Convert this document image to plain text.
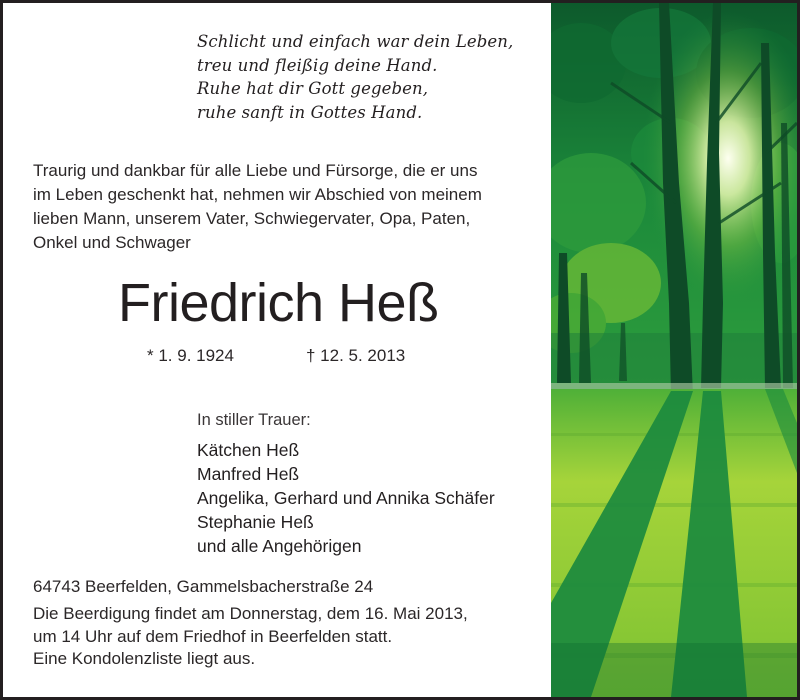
Schlicht und einfach war dein Leben,
treu und fleißig deine Hand.
Ruhe hat dir Gott gegeben,
ruhe sanft in Gottes Hand.
Traurig und dankbar für alle Liebe und Fürsorge, die er uns
im Leben geschenkt hat, nehmen wir Abschied von meinem
lieben Mann, unserem Vater, Schwiegervater, Opa, Paten,
Onkel und Schwager
Friedrich Heß
* 1. 9. 1924	† 12. 5. 2013
In stiller Trauer:
Kätchen Heß
Manfred Heß
Angelika, Gerhard und Annika Schäfer
Stephanie Heß
und alle Angehörigen
64743 Beerfelden, Gammelsbacherstraße 24
Die Beerdigung findet am Donnerstag, dem 16. Mai 2013,
um 14 Uhr auf dem Friedhof in Beerfelden statt.
Eine Kondolenzliste liegt aus.
